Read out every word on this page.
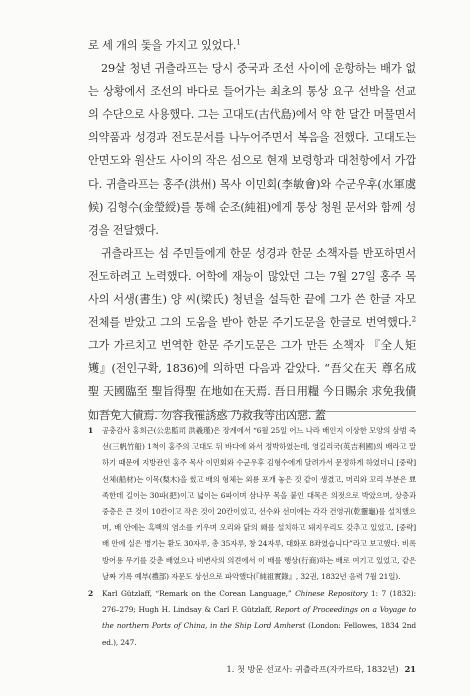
로 세 개의 돛을 가지고 있었다.$^1$

29살 청년 귀츨라프는 당시 중국과 조선 사이에 운항하는 배가 없는 상황에서 조선의 바다로 들어가는 최초의 통상 요구 선박을 선교의 수단으로 사용했다. 그는 고대도(古代島)에서 약 한 달간 머물면서 의약품과 성경과 전도문서를 나누어주면서 복음을 전했다. 고대도는 안면도와 원산도 사이의 작은 섬으로 현재 보령항과 대천항에서 가깝다. 귀츨라프는 홍주(洪州) 목사 이민회(李敏會)와 수군우후(水軍虞候) 김형수(金瑩綬)를 통해 순조(純祖)에게 통상 청원 문서와 함께 성경을 전달했다.

귀츨라프는 섬 주민들에게 한문 성경과 한문 소책자를 반포하면서 전도하려고 노력했다. 어학에 재능이 많았던 그는 7월 27일 홍주 목사의 서생(書生) 양 씨(梁氏) 청년을 설득한 끝에 그가 쓴 한글 자모 전체를 받았고 그의 도움을 받아 한문 주기도문을 한글로 번역했다.$^2$ 그가 가르치고 번역한 한문 주기도문은 그가 만든 소책자 『全人矩矱』(전인구확, 1836)에 의하면 다음과 같았다. “吾父在天 尊名成聖 天國臨至 聖旨得聖 在地如在天焉. 吾日用糧 今日賜余 求免我債 如吾免人債焉. 勿容我罹誘惑 乃救我等出凶惡. 蓋

1 공충감사 홍희근(公忠監司 洪羲瑾)은 장계에서 “6월 25일 어느 나라 배인지 이상한 모양의 삼범 죽선(三帆竹船) 1척이 홍주의 고대도 뒤 바다에 와서 정박하였는데, 영길리국(英吉利國)의 배라고 말하기 때문에 지방관인 홍주 목사 이민회와 수군우후 김형수에게 달려가서 문정하게 하였더니 [중략] 선체(船材)는 이목(梨木)을 썼고 배의 형체는 외룡 포개 놓은 것 같이 생겼고, 머리와 꼬리 부분은 뾰족한데 길이는 30파(把)이고 넓이는 6파이며 삼나무 목을 붙인 대목은 의젓으로 박았으며, 상층과 중층은 큰 것이 10칸이고 작은 것이 20칸이었고, 선수와 선미에는 각각 건영귀(乾靈龜)를 설치했으며, 배 안에는 흑백의 염소를 키우며 오리와 닭의 홰를 설치하고 돼지우리도 갖추고 있었고, [중략] 배 안에 실은 병기는 환도 30자루, 총 35자루, 창 24자루, 대화포 8좌였습니다”라고 보고했다. 비록 방어용 무기를 갖춘 배였으나 비변사의 의견에서 이 배를 행상(行商)하는 배로 여기고 있었고, 같은 날짜 기록 예부(禮部) 자문도 상선으로 파악했다(『純祖實錄』, 32권, 1832년 음력 7월 21일).
2 Karl Gützlaff, “Remark on the Corean Language,” Chinese Repository 1: 7 (1832): 276–279; Hugh H. Lindsay & Carl F. Gützlaff, Report of Proceedings on a Voyage to the northern Ports of China, in the Ship Lord Amherst (London: Fellowes, 1834 2nd ed.), 247.
1. 첫 방문 선교사: 귀츨라프(자카르타, 1832년) 21
